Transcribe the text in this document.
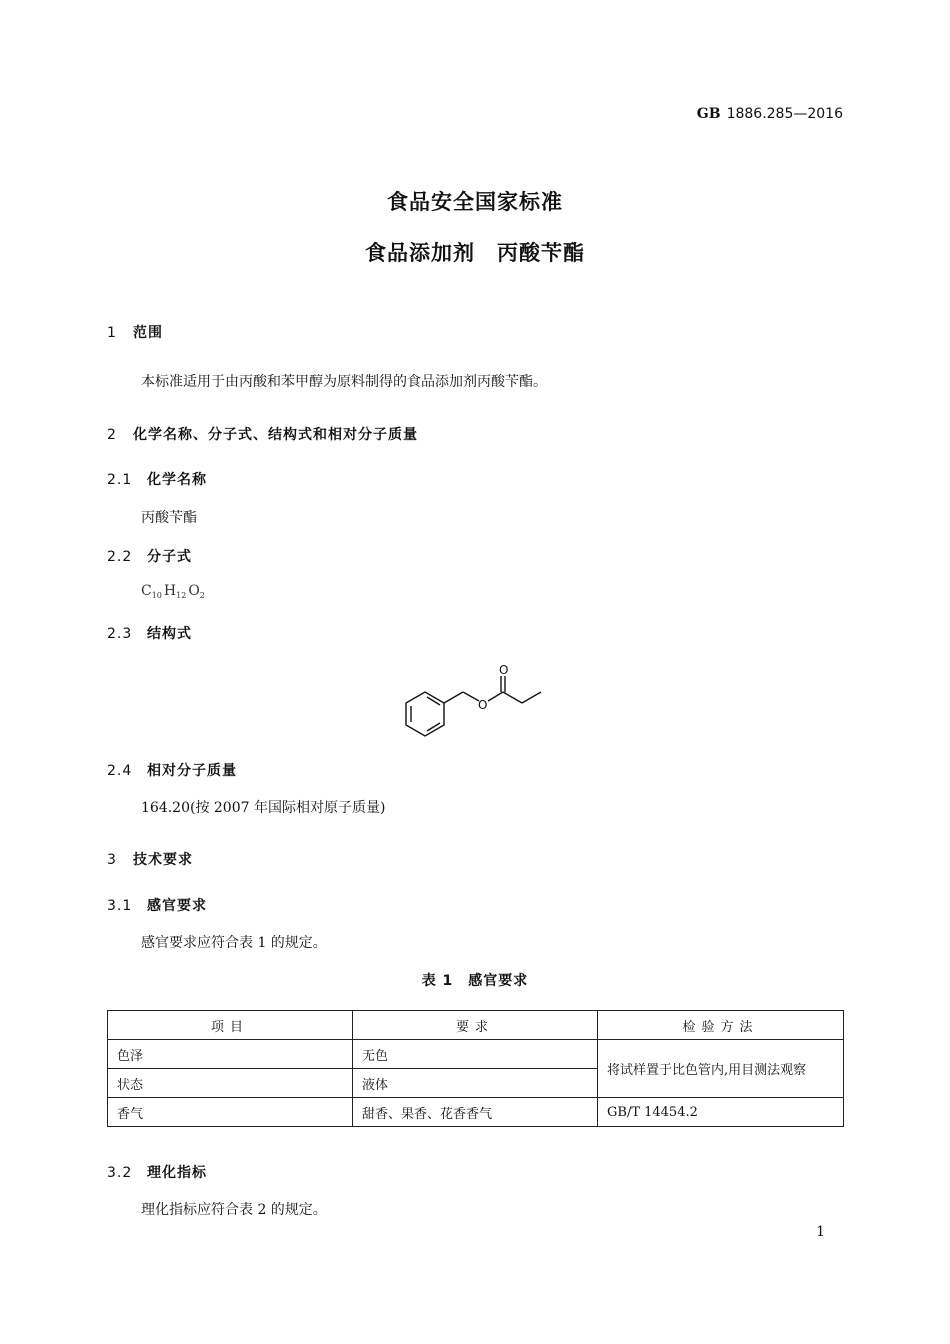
GB 1886.285—2016
食品安全国家标准
食品添加剂　丙酸苄酯
1 范围
本标准适用于由丙酸和苯甲醇为原料制得的食品添加剂丙酸苄酯。
2 化学名称、分子式、结构式和相对分子质量
2.1 化学名称
丙酸苄酯
2.2 分子式
$C_{10}$ $H_{12}$ $O_2$
2.3 结构式
O
O
2.4 相对分子质量
164.20(按 2007 年国际相对原子质量)
3 技术要求
3.1 感官要求
感官要求应符合表 1 的规定。
表 1　感官要求
项目	要求	检验方法
色泽	无色	将试样置于比色管内,用目测法观察
状态	液体	
香气	甜香、果香、花香香气	GB/T 14454.2
3.2 理化指标
理化指标应符合表 2 的规定。
1
